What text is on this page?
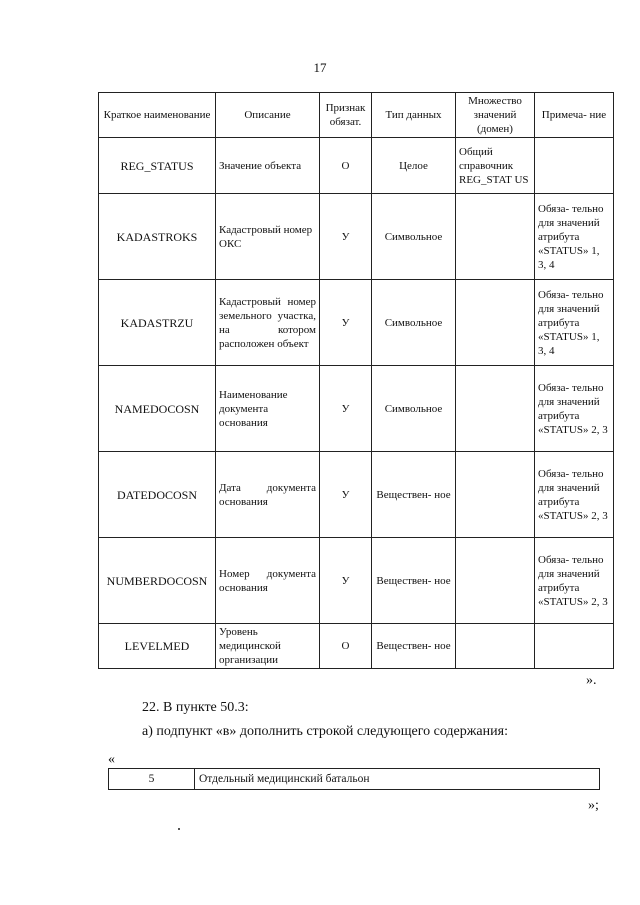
17
Краткое наименование	Описание	Признак обязат.	Тип данных	Множество значений (домен)	Примеча- ние
REG_STATUS	Значение объекта	О	Целое	Общий справочник REG_STAT US	
KADASTROKS	Кадастровый номер ОКС	У	Символьное		Обяза- тельно для значений атрибута «STATUS» 1, 3, 4
KADASTRZU	Кадастровый номер земельного участка, на котором расположен объект	У	Символьное		Обяза- тельно для значений атрибута «STATUS» 1, 3, 4
NAMEDOCOSN	Наименование документа основания	У	Символьное		Обяза- тельно для значений атрибута «STATUS» 2, 3
DATEDOCOSN	Дата документа основания	У	Веществен- ное		Обяза- тельно для значений атрибута «STATUS» 2, 3
NUMBERDOCOSN	Номер документа основания	У	Веществен- ное		Обяза- тельно для значений атрибута «STATUS» 2, 3
LEVELMED	Уровень медицинской организации	О	Веществен- ное		
».
22. В пункте 50.3:
а) подпункт «в» дополнить строкой следующего содержания:
«
5	Отдельный медицинский батальон
»;
